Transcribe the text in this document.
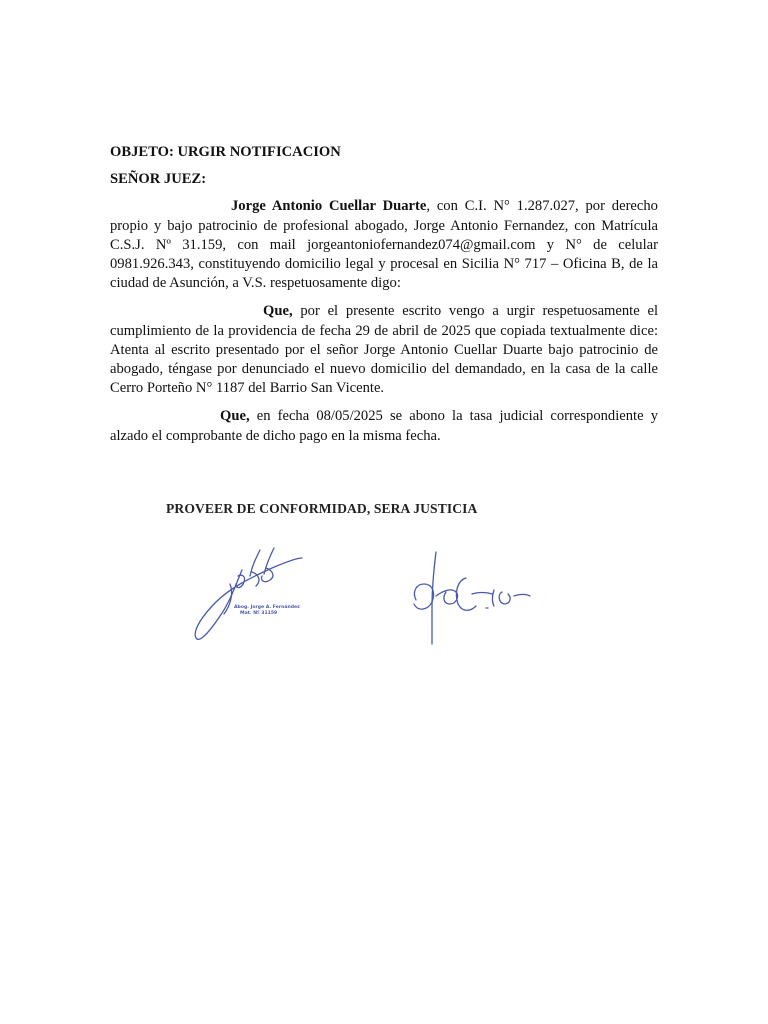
OBJETO: URGIR NOTIFICACION
SEÑOR JUEZ:

Jorge Antonio Cuellar Duarte, con C.I. N° 1.287.027, por derecho propio y bajo patrocinio de profesional abogado, Jorge Antonio Fernandez, con Matrícula C.S.J. Nº 31.159, con mail jorgeantoniofernandez074@gmail.com y N° de celular 0981.926.343, constituyendo domicilio legal y procesal en Sicilia N° 717 – Oficina B, de la ciudad de Asunción, a V.S. respetuosamente digo:

Que, por el presente escrito vengo a urgir respetuosamente el cumplimiento de la providencia de fecha 29 de abril de 2025 que copiada textualmente dice: Atenta al escrito presentado por el señor Jorge Antonio Cuellar Duarte bajo patrocinio de abogado, téngase por denunciado el nuevo domicilio del demandado, en la casa de la calle Cerro Porteño N° 1187 del Barrio San Vicente.

Que, en fecha 08/05/2025 se abono la tasa judicial correspondiente y alzado el comprobante de dicho pago en la misma fecha.

PROVEER DE CONFORMIDAD, SERA JUSTICIA
Abog. Jorge A. Fernández
Mat. Nº 31159
